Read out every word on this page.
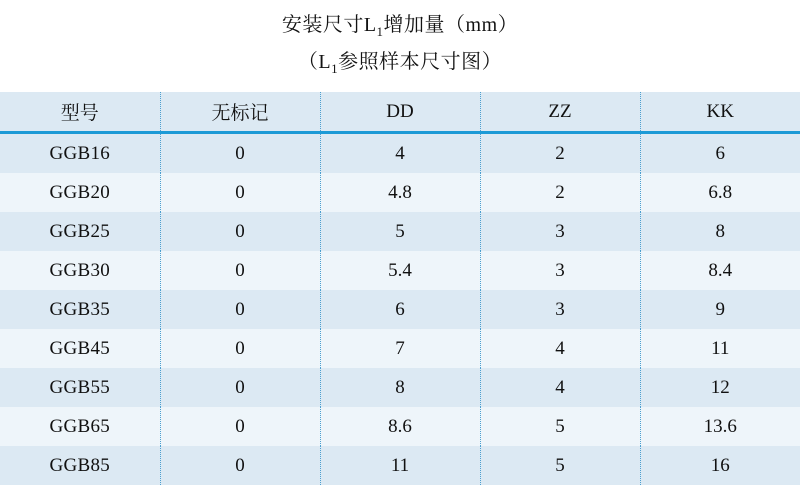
安装尺寸$L_1$增加量（mm）
（$L_1$参照样本尺寸图）
型号	无标记	DD	ZZ	KK
GGB16	0	4	2	6
GGB20	0	4.8	2	6.8
GGB25	0	5	3	8
GGB30	0	5.4	3	8.4
GGB35	0	6	3	9
GGB45	0	7	4	11
GGB55	0	8	4	12
GGB65	0	8.6	5	13.6
GGB85	0	11	5	16
